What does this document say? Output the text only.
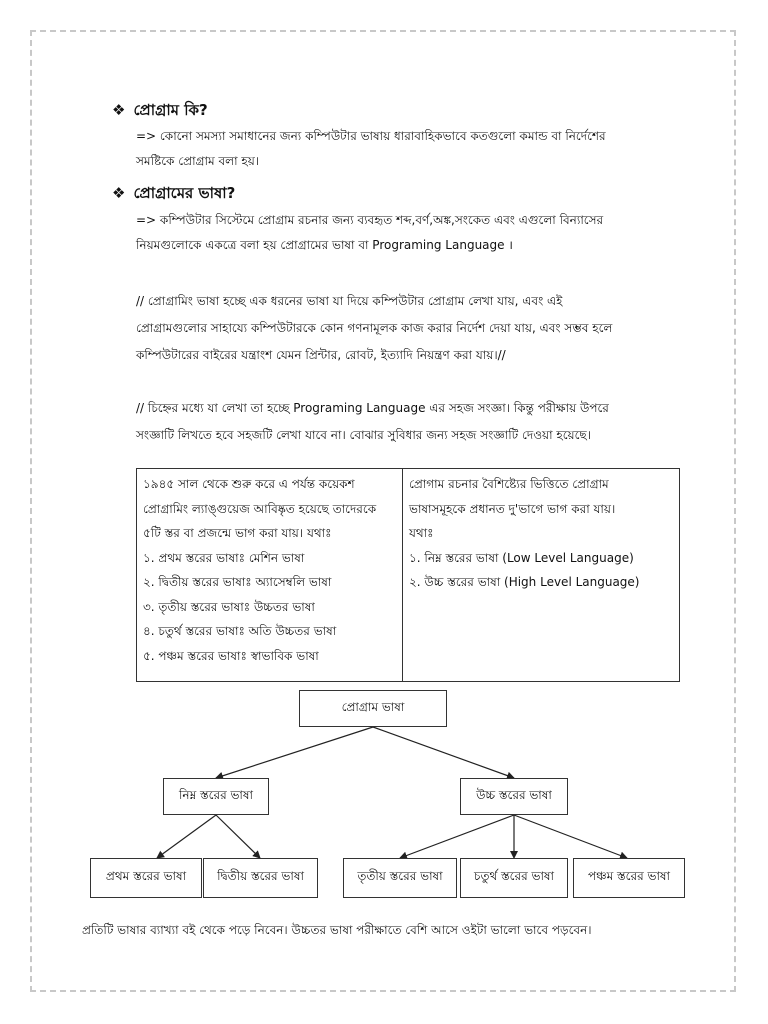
❖ প্রোগ্রাম কি?
=> কোনো সমস্যা সমাধানের জন্য কম্পিউটার ভাষায় ধারাবাহিকভাবে কতগুলো কমান্ড বা নির্দেশের
সমষ্টিকে প্রোগ্রাম বলা হয়।
❖ প্রোগ্রামের ভাষা?
=> কম্পিউটার সিস্টেমে প্রোগ্রাম রচনার জন্য ব্যবহৃত শব্দ,বর্ণ,অঙ্ক,সংকেত এবং এগুলো বিন্যাসের
নিয়মগুলোকে একত্রে বলা হয় প্রোগ্রামের ভাষা বা Programing Language ।
// প্রোগ্রামিং ভাষা হচ্ছে এক ধরনের ভাষা যা দিয়ে কম্পিউটার প্রোগ্রাম লেখা যায়, এবং এই
প্রোগ্রামগুলোর সাহায্যে কম্পিউটারকে কোন গণনামূলক কাজ করার নির্দেশ দেয়া যায়, এবং সম্ভব হলে
কম্পিউটারের বাইরের যন্ত্রাংশ যেমন প্রিন্টার, রোবট, ইত্যাদি নিয়ন্ত্রণ করা যায়।//
// চিহ্নের মধ্যে যা লেখা তা হচ্ছে Programing Language এর সহজ সংজ্ঞা। কিন্তু পরীক্ষায় উপরে
সংজ্ঞাটি লিখতে হবে সহজটি লেখা যাবে না। বোঝার সুবিধার জন্য সহজ সংজ্ঞাটি দেওয়া হয়েছে।
১৯৪৫ সাল থেকে শুরু করে এ পর্যন্ত কয়েকশ
প্রোগ্রামিং ল্যাঙ্গুয়েজ আবিষ্কৃত হয়েছে তাদেরকে
৫টি স্তর বা প্রজন্মে ভাগ করা যায়। যথাঃ
১. প্রথম স্তরের ভাষাঃ মেশিন ভাষা
২. দ্বিতীয় স্তরের ভাষাঃ অ্যাসেম্বলি ভাষা
৩. তৃতীয় স্তরের ভাষাঃ উচ্চতর ভাষা
৪. চতুর্থ স্তরের ভাষাঃ অতি উচ্চতর ভাষা
৫. পঞ্চম স্তরের ভাষাঃ স্বাভাবিক ভাষা
প্রোগাম রচনার বৈশিষ্ট্যের ভিত্তিতে প্রোগ্রাম
ভাষাসমূহকে প্রধানত দু'ভাগে ভাগ করা যায়।
যথাঃ
১. নিম্ন স্তরের ভাষা (Low Level Language)
২. উচ্চ স্তরের ভাষা (High Level Language)
প্রোগ্রাম ভাষা
নিম্ন স্তরের ভাষা	উচ্চ স্তরের ভাষা
প্রথম স্তরের ভাষা	দ্বিতীয় স্তরের ভাষা	তৃতীয় স্তরের ভাষা	চতুর্থ স্তরের ভাষা	পঞ্চম স্তরের ভাষা
প্রতিটি ভাষার ব্যাখ্যা বই থেকে পড়ে নিবেন। উচ্চতর ভাষা পরীক্ষাতে বেশি আসে ওইটা ভালো ভাবে পড়বেন।
